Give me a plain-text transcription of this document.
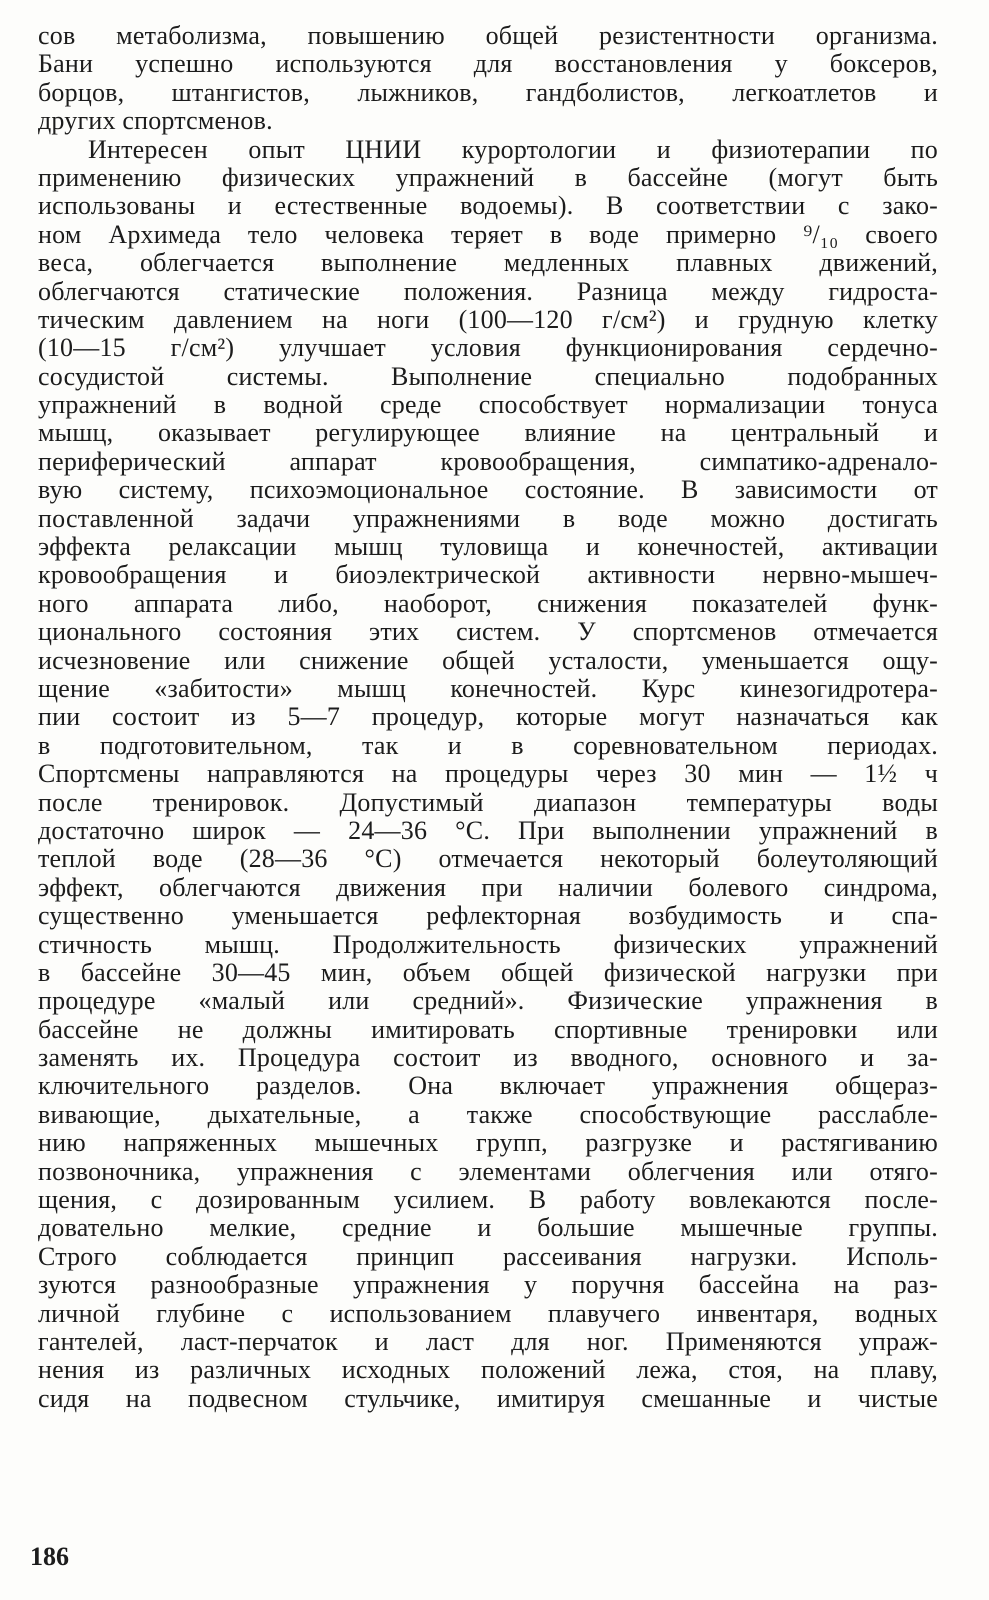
сов метаболизма, повышению общей резистентности организма.
Бани успешно используются для восстановления у боксеров,
борцов, штангистов, лыжников, гандболистов, легкоатлетов и
других спортсменов.
Интересен опыт ЦНИИ курортологии и физиотерапии по
применению физических упражнений в бассейне (могут быть
использованы и естественные водоемы). В соответствии с зако-
ном Архимеда тело человека теряет в воде примерно ⁹/₁₀ своего
веса, облегчается выполнение медленных плавных движений,
облегчаются статические положения. Разница между гидроста-
тическим давлением на ноги (100—120 г/см²) и грудную клетку
(10—15 г/см²) улучшает условия функционирования сердечно-
сосудистой системы. Выполнение специально подобранных
упражнений в водной среде способствует нормализации тонуса
мышц, оказывает регулирующее влияние на центральный и
периферический аппарат кровообращения, симпатико-адренало-
вую систему, психоэмоциональное состояние. В зависимости от
поставленной задачи упражнениями в воде можно достигать
эффекта релаксации мышц туловища и конечностей, активации
кровообращения и биоэлектрической активности нервно-мышеч-
ного аппарата либо, наоборот, снижения показателей функ-
ционального состояния этих систем. У спортсменов отмечается
исчезновение или снижение общей усталости, уменьшается ощу-
щение «забитости» мышц конечностей. Курс кинезогидротера-
пии состоит из 5—7 процедур, которые могут назначаться как
в подготовительном, так и в соревновательном периодах.
Спортсмены направляются на процедуры через 30 мин — 1½ ч
после тренировок. Допустимый диапазон температуры воды
достаточно широк — 24—36 °С. При выполнении упражнений в
теплой воде (28—36 °С) отмечается некоторый болеутоляющий
эффект, облегчаются движения при наличии болевого синдрома,
существенно уменьшается рефлекторная возбудимость и спа-
стичность мышц. Продолжительность физических упражнений
в бассейне 30—45 мин, объем общей физической нагрузки при
процедуре «малый или средний». Физические упражнения в
бассейне не должны имитировать спортивные тренировки или
заменять их. Процедура состоит из вводного, основного и за-
ключительного разделов. Она включает упражнения общераз-
вивающие, дыхательные, а также способствующие расслабле-
нию напряженных мышечных групп, разгрузке и растягиванию
позвоночника, упражнения с элементами облегчения или отяго-
щения, с дозированным усилием. В работу вовлекаются после-
довательно мелкие, средние и большие мышечные группы.
Строго соблюдается принцип рассеивания нагрузки. Исполь-
зуются разнообразные упражнения у поручня бассейна на раз-
личной глубине с использованием плавучего инвентаря, водных
гантелей, ласт-перчаток и ласт для ног. Применяются упраж-
нения из различных исходных положений лежа, стоя, на плаву,
сидя на подвесном стульчике, имитируя смешанные и чистые
186
